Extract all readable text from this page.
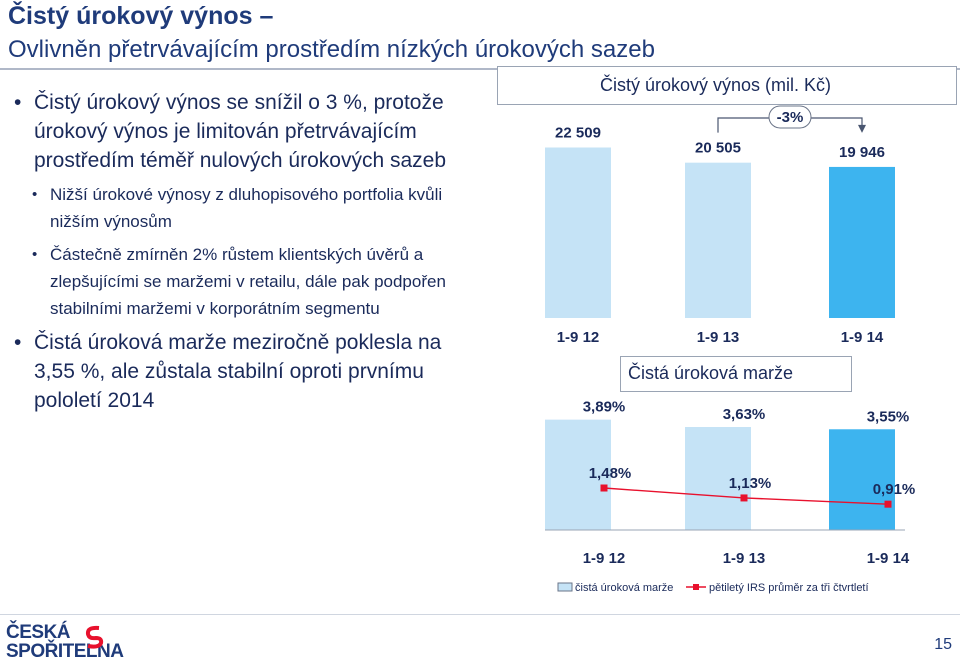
Čistý úrokový výnos –
Ovlivněn přetrvávajícím prostředím nízkých úrokových sazeb
• Čistý úrokový výnos se snížil o 3 %, protože úrokový výnos je limitován přetrvávajícím prostředím téměř nulových úrokových sazeb
• Nižší úrokové výnosy z dluhopisového portfolia kvůli nižším výnosům
• Částečně zmírněn 2% růstem klientských úvěrů a zlepšujícími se maržemi v retailu, dále pak podpořen stabilními maržemi v korporátním segmentu
• Čistá úroková marže meziročně poklesla na 3,55 %, ale zůstala stabilní oproti prvnímu pololetí 2014
Čistý úrokový výnos (mil. Kč)
Čistá úroková marže
22 509
1-9 12
20 505
1-9 13
19 946
1-9 14
-3%
3,89%
1-9 12
3,63%
1-9 13
3,55%
1-9 14
1,48%
1,13%	0,91%
čistá úroková marže	pětiletý IRS průměr za tři čtvrtletí
ČESKÁ
SPOŘITELNA	15
